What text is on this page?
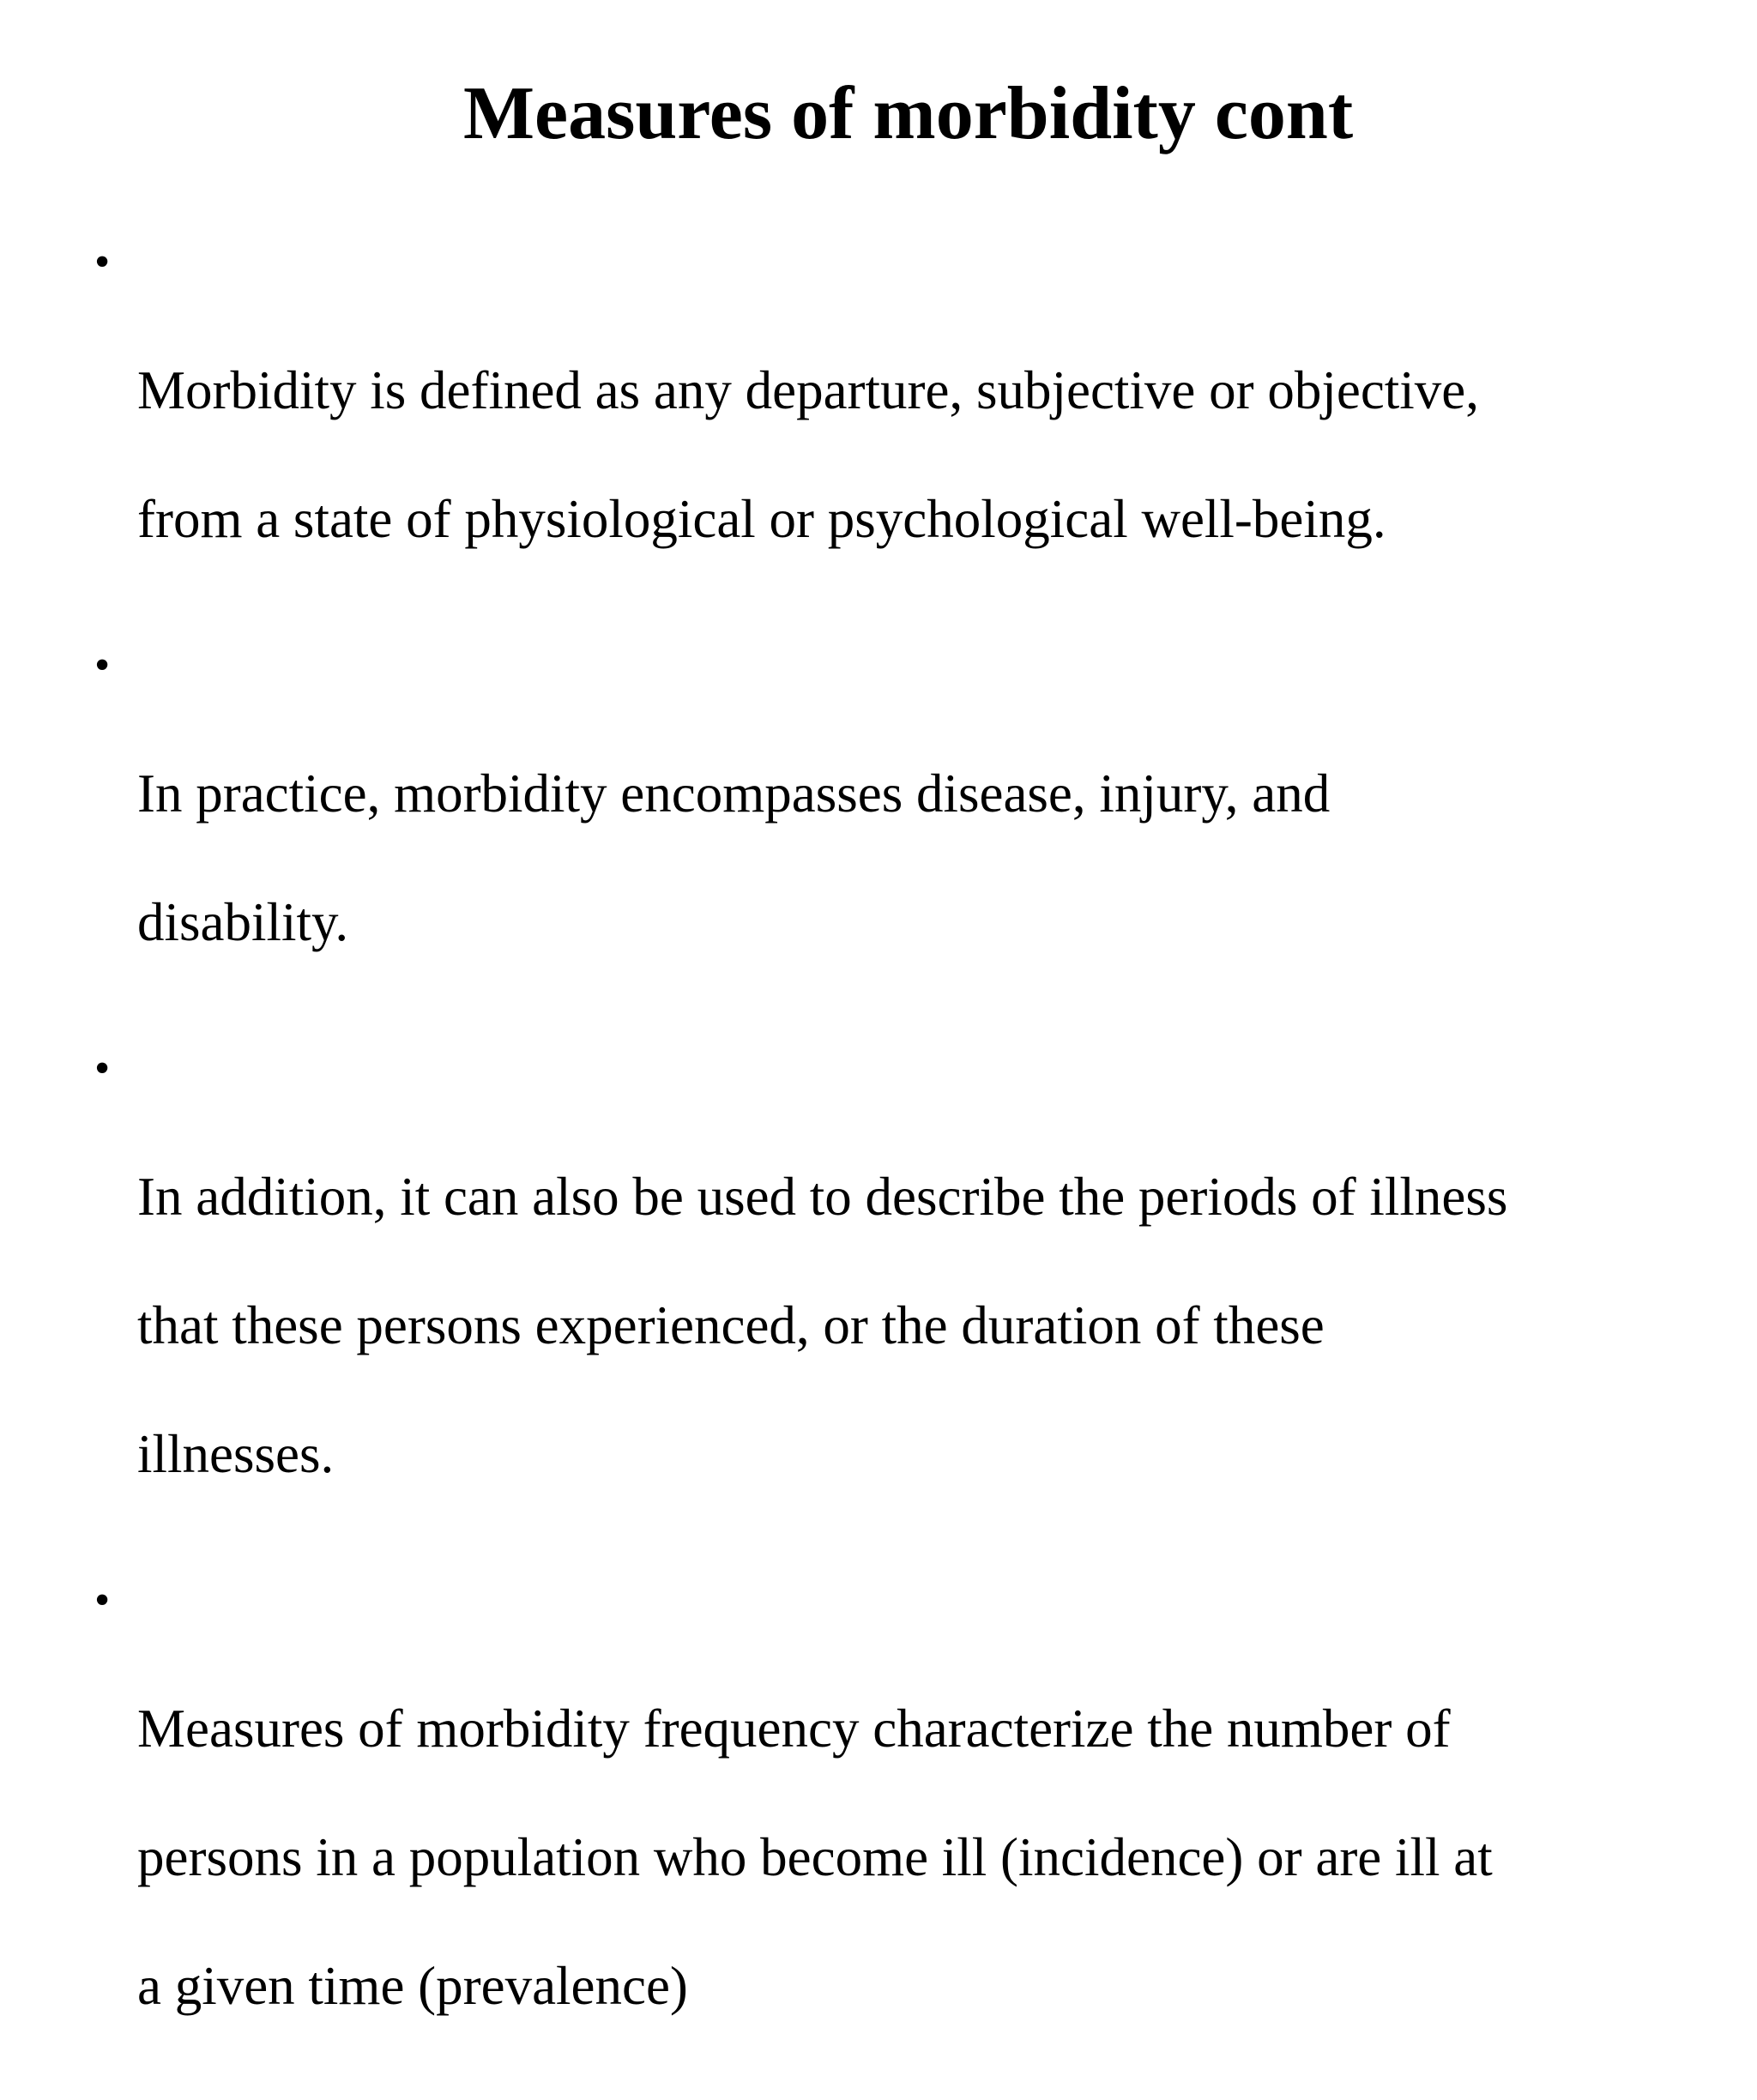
Measures of morbidity cont

•

Morbidity is defined as any departure, subjective or objective,

from a state of physiological or psychological well-being.

•

In practice, morbidity encompasses disease, injury, and

disability.

•

In addition, it can also be used to describe the periods of illness

that these persons experienced, or the duration of these

illnesses.

•

Measures of morbidity frequency characterize the number of

persons in a population who become ill (incidence) or are ill at

a given time (prevalence)
